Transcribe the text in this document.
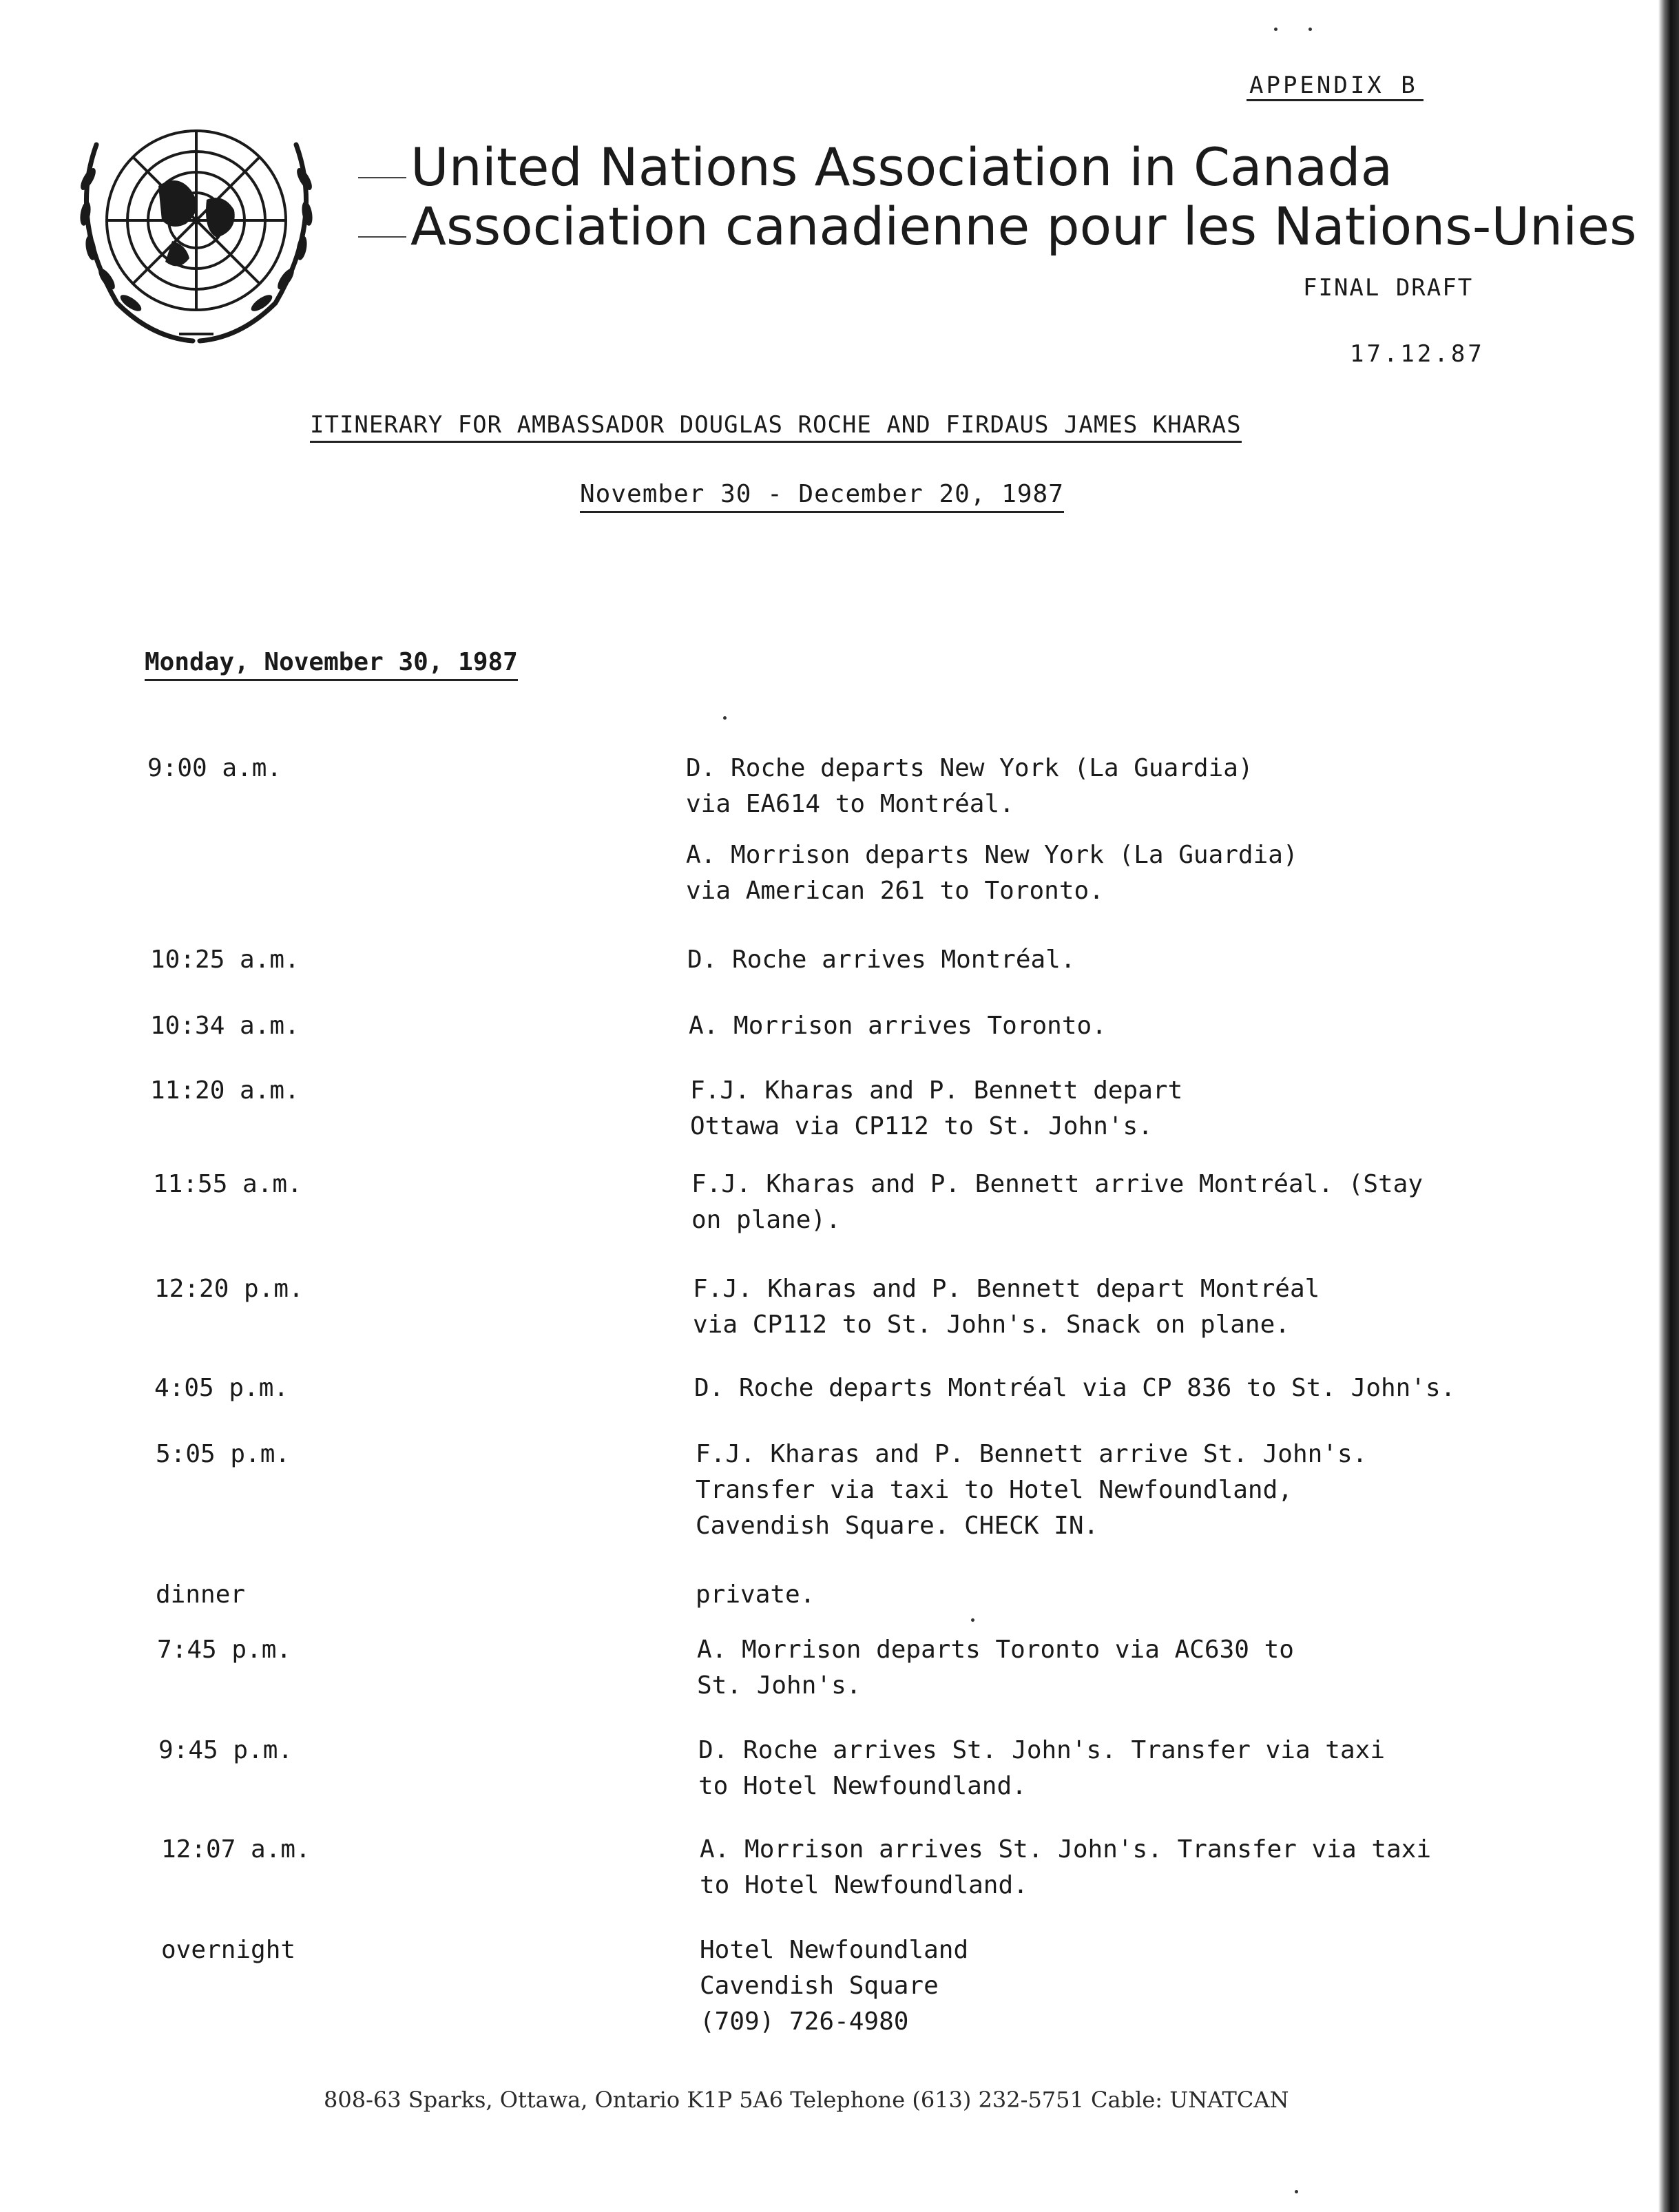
APPENDIX B
United Nations Association in Canada
Association canadienne pour les Nations-Unies
FINAL DRAFT
17.12.87
ITINERARY FOR AMBASSADOR DOUGLAS ROCHE AND FIRDAUS JAMES KHARAS
November 30 - December 20, 1987
Monday, November 30, 1987
9:00 a.m.	D. Roche departs New York (La Guardia)
via EA614 to Montréal.
A. Morrison departs New York (La Guardia)
via American 261 to Toronto.
10:25 a.m.	D. Roche arrives Montréal.
10:34 a.m.	A. Morrison arrives Toronto.
11:20 a.m.	F.J. Kharas and P. Bennett depart
Ottawa via CP112 to St. John's.
11:55 a.m.	F.J. Kharas and P. Bennett arrive Montréal. (Stay
on plane).
12:20 p.m.	F.J. Kharas and P. Bennett depart Montréal
via CP112 to St. John's. Snack on plane.
4:05 p.m.	D. Roche departs Montréal via CP 836 to St. John's.
5:05 p.m.	F.J. Kharas and P. Bennett arrive St. John's.
Transfer via taxi to Hotel Newfoundland,
Cavendish Square. CHECK IN.
dinner	private.
7:45 p.m.	A. Morrison departs Toronto via AC630 to
St. John's.
9:45 p.m.	D. Roche arrives St. John's. Transfer via taxi
to Hotel Newfoundland.
12:07 a.m.	A. Morrison arrives St. John's. Transfer via taxi
to Hotel Newfoundland.
overnight	Hotel Newfoundland
Cavendish Square
(709) 726-4980
808-63 Sparks, Ottawa, Ontario K1P 5A6 Telephone (613) 232-5751 Cable: UNATCAN
